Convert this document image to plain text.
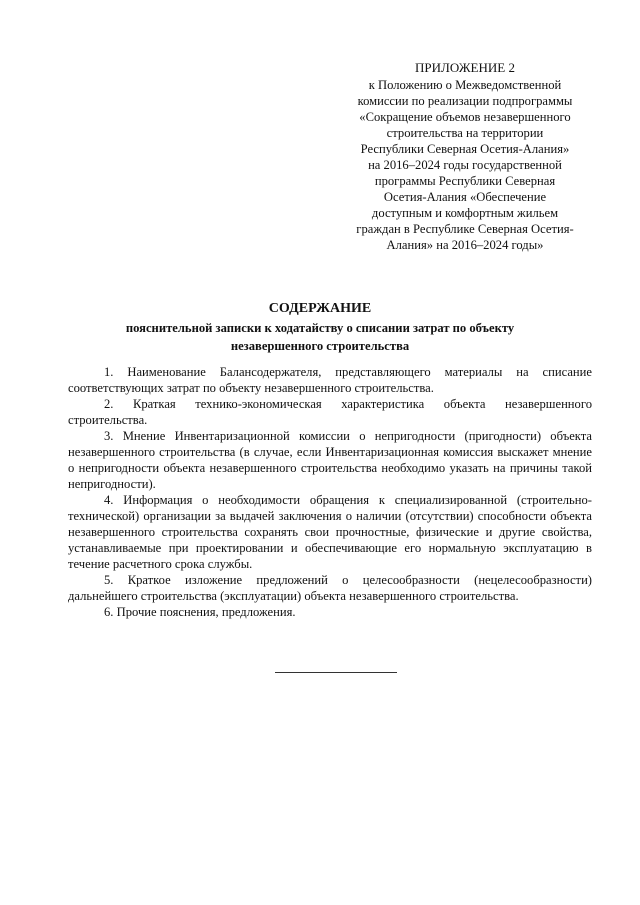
ПРИЛОЖЕНИЕ 2
к Положению о Межведомственной
комиссии по реализации подпрограммы
«Сокращение объемов незавершенного
строительства на территории
Республики Северная Осетия-Алания»
на 2016–2024 годы государственной
программы Республики Северная
Осетия-Алания «Обеспечение
доступным и комфортным жильем
граждан в Республике Северная Осетия-
Алания» на 2016–2024 годы»
СОДЕРЖАНИЕ
пояснительной записки к ходатайству о списании затрат по объекту
незавершенного строительства

1. Наименование Балансодержателя, представляющего материалы на списание соответствующих затрат по объекту незавершенного строительства.

2. Краткая технико-экономическая характеристика объекта незавершенного строительства.

3. Мнение Инвентаризационной комиссии о непригодности (пригодности) объекта незавершенного строительства (в случае, если Инвентаризационная комиссия выскажет мнение о непригодности объекта незавершенного строительства необходимо указать на причины такой непригодности).

4. Информация о необходимости обращения к специализированной (строительно-технической) организации за выдачей заключения о наличии (отсутствии) способности объекта незавершенного строительства сохранять свои прочностные, физические и другие свойства, устанавливаемые при проектировании и обеспечивающие его нормальную эксплуатацию в течение расчетного срока службы.

5. Краткое изложение предложений о целесообразности (нецелесообразности) дальнейшего строительства (эксплуатации) объекта незавершенного строительства.

6. Прочие пояснения, предложения.
